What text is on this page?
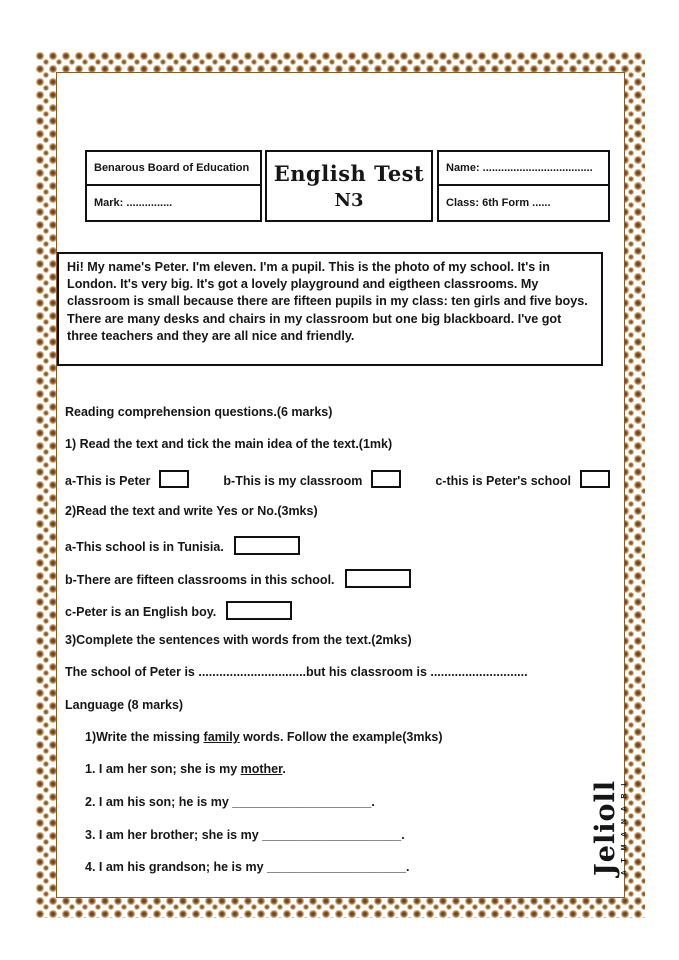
Benarous Board of Education
Mark: ...............
English Test
N3
Name: ....................................
Class: 6th Form ......
Hi! My name's Peter. I'm eleven. I'm a pupil. This is the photo of my school. It's in London. It's very big. It's got a lovely playground and eigtheen classrooms. My classroom is small because there are fifteen pupils in my class: ten girls and five boys. There are many desks and chairs in my classroom but one big blackboard. I've got three teachers and they are all nice and friendly.
Reading comprehension questions.(6 marks)
1) Read the text and tick the main idea of the text.(1mk)
a-This is Peter	b-This is my classroom	c-this is Peter's school
2)Read the text and write Yes or No.(3mks)
a-This school is in Tunisia.
b-There are fifteen classrooms in this school.
c-Peter is an English boy.
3)Complete the sentences with words from the text.(2mks)
The school of Peter is ...............................but his classroom is ............................
Language (8 marks)
1)Write the missing family words. Follow the example(3mks)
1. I am her son; she is my mother.
2. I am his son; he is my ____________________.
3. I am her brother; she is my ____________________.
4. I am his grandson; he is my ____________________.	Jelioll A T M A N A R I
